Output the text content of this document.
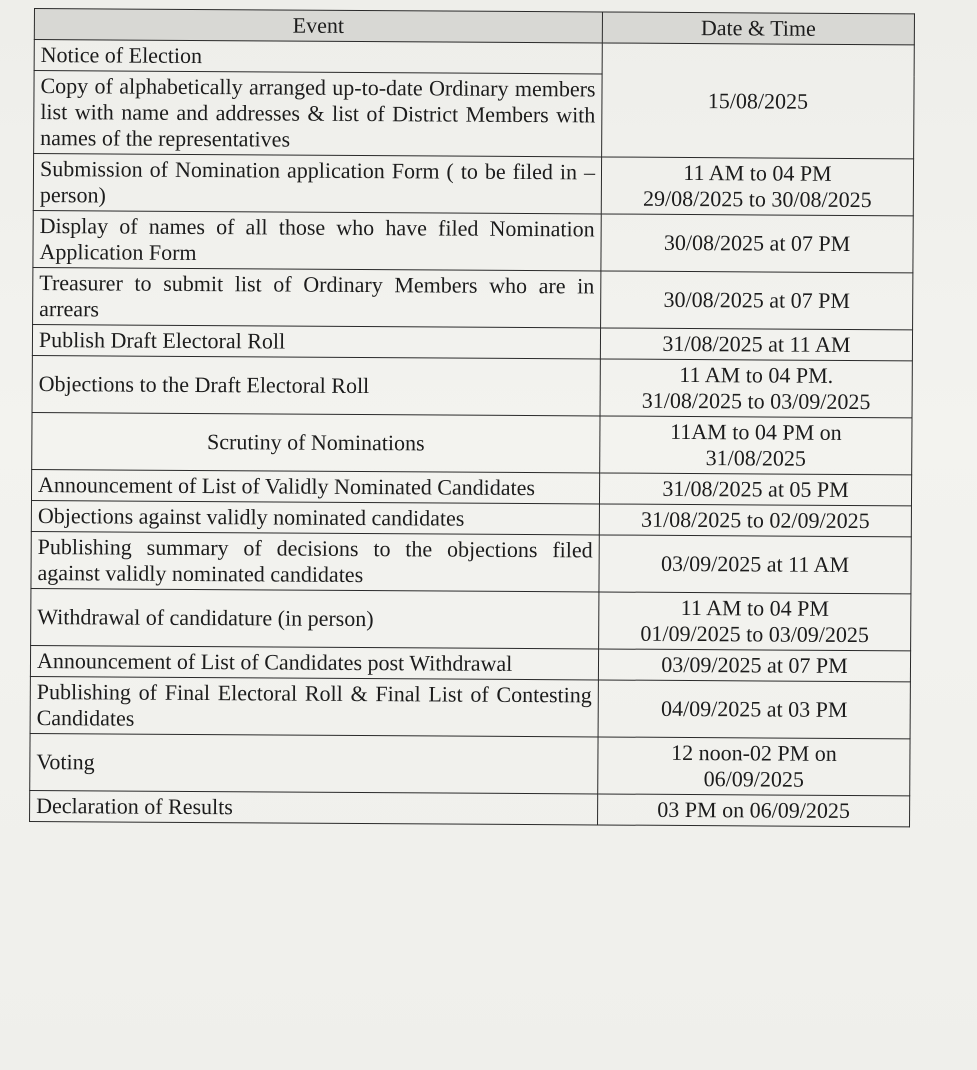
Event	Date & Time
Notice of Election	15/08/2025
Copy of alphabetically arranged up-to-date Ordinary members list with name and addresses & list of District Members with names of the representatives	
Submission of Nomination application Form ( to be filed in –person)	11 AM to 04 PM
29/08/2025 to 30/08/2025

Display of names of all those who have filed Nomination Application Form	30/08/2025 at 07 PM
Treasurer to submit list of Ordinary Members who are in arrears	30/08/2025 at 07 PM
Publish Draft Electoral Roll	31/08/2025 at 11 AM
Objections to the Draft Electoral Roll	11 AM to 04 PM.
31/08/2025 to 03/09/2025

Scrutiny of Nominations	11AM to 04 PM on
31/08/2025

Announcement of List of Validly Nominated Candidates	31/08/2025 at 05 PM
Objections against validly nominated candidates	31/08/2025 to 02/09/2025
Publishing summary of decisions to the objections filed against validly nominated candidates	03/09/2025 at 11 AM
Withdrawal of candidature (in person)	11 AM to 04 PM
01/09/2025 to 03/09/2025

Announcement of List of Candidates post Withdrawal	03/09/2025 at 07 PM
Publishing of Final Electoral Roll & Final List of Contesting Candidates	04/09/2025 at 03 PM
Voting	12 noon-02 PM on
06/09/2025

Declaration of Results	03 PM on 06/09/2025
